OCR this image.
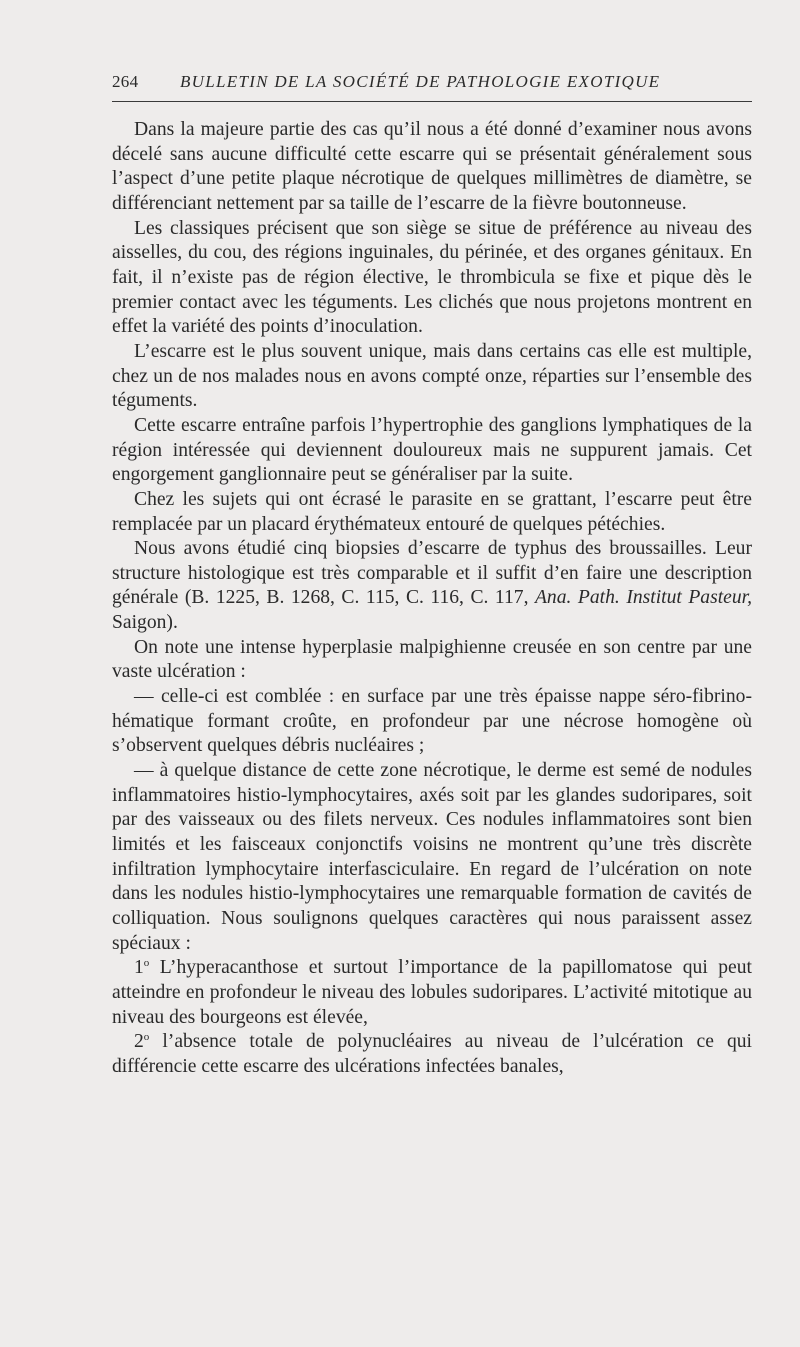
264 BULLETIN DE LA SOCIÉTÉ DE PATHOLOGIE EXOTIQUE

Dans la majeure partie des cas qu’il nous a été donné d’examiner nous avons décelé sans aucune difficulté cette escarre qui se présentait généralement sous l’aspect d’une petite plaque nécrotique de quelques millimètres de diamètre, se différenciant nettement par sa taille de l’escarre de la fièvre boutonneuse.

Les classiques précisent que son siège se situe de préférence au niveau des aisselles, du cou, des régions inguinales, du périnée, et des organes génitaux. En fait, il n’existe pas de région élective, le thrombicula se fixe et pique dès le premier contact avec les téguments. Les clichés que nous projetons montrent en effet la variété des points d’inoculation.

L’escarre est le plus souvent unique, mais dans certains cas elle est multiple, chez un de nos malades nous en avons compté onze, réparties sur l’ensemble des téguments.

Cette escarre entraîne parfois l’hypertrophie des ganglions lymphatiques de la région intéressée qui deviennent douloureux mais ne suppurent jamais. Cet engorgement ganglionnaire peut se généraliser par la suite.

Chez les sujets qui ont écrasé le parasite en se grattant, l’escarre peut être remplacée par un placard érythémateux entouré de quelques pétéchies.

Nous avons étudié cinq biopsies d’escarre de typhus des broussailles. Leur structure histologique est très comparable et il suffit d’en faire une description générale (B. 1225, B. 1268, C. 115, C. 116, C. 117, Ana. Path. Institut Pasteur, Saigon).

On note une intense hyperplasie malpighienne creusée en son centre par une vaste ulcération :

— celle-ci est comblée : en surface par une très épaisse nappe séro-fibrino-hématique formant croûte, en profondeur par une nécrose homogène où s’observent quelques débris nucléaires ;

— à quelque distance de cette zone nécrotique, le derme est semé de nodules inflammatoires histio-lymphocytaires, axés soit par les glandes sudoripares, soit par des vaisseaux ou des filets nerveux. Ces nodules inflammatoires sont bien limités et les faisceaux conjonctifs voisins ne montrent qu’une très discrète infiltration lymphocytaire interfasciculaire. En regard de l’ulcération on note dans les nodules histio-lymphocytaires une remarquable formation de cavités de colliquation. Nous soulignons quelques caractères qui nous paraissent assez spéciaux :

1$^o$ L’hyperacanthose et surtout l’importance de la papillomatose qui peut atteindre en profondeur le niveau des lobules sudoripares. L’activité mitotique au niveau des bourgeons est élevée,

2$^o$ l’absence totale de polynucléaires au niveau de l’ulcération ce qui différencie cette escarre des ulcérations infectées banales,
